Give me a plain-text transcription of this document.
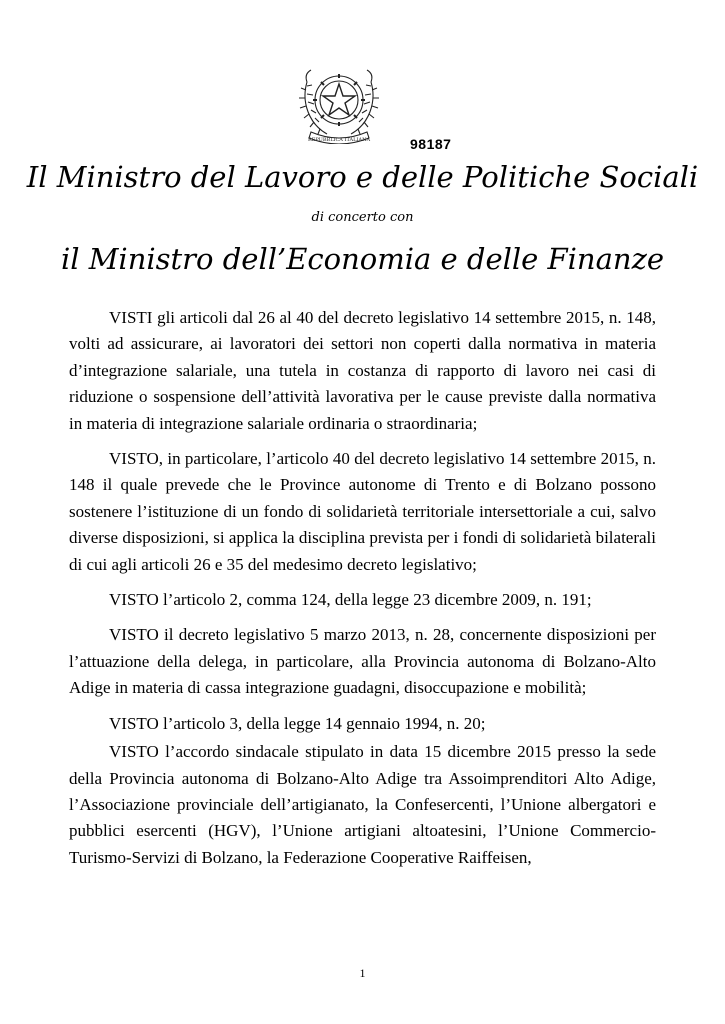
REPUBBLICA ITALIANA	98187
Il Ministro del Lavoro e delle Politiche Sociali
di concerto con
il Ministro dell’Economia e delle Finanze

VISTI gli articoli dal 26 al 40 del decreto legislativo 14 settembre 2015, n. 148, volti ad assicurare, ai lavoratori dei settori non coperti dalla normativa in materia d’integrazione salariale, una tutela in costanza di rapporto di lavoro nei casi di riduzione o sospensione dell’attività lavorativa per le cause previste dalla normativa in materia di integrazione salariale ordinaria o straordinaria;

VISTO, in particolare, l’articolo 40 del decreto legislativo 14 settembre 2015, n. 148 il quale prevede che le Province autonome di Trento e di Bolzano possono sostenere l’istituzione di un fondo di solidarietà territoriale intersettoriale a cui, salvo diverse disposizioni, si applica la disciplina prevista per i fondi di solidarietà bilaterali di cui agli articoli 26 e 35 del medesimo decreto legislativo;

VISTO l’articolo 2, comma 124, della legge 23 dicembre 2009, n. 191;

VISTO il decreto legislativo 5 marzo 2013, n. 28, concernente disposizioni per l’attuazione della delega, in particolare, alla Provincia autonoma di Bolzano-Alto Adige in materia di cassa integrazione guadagni, disoccupazione e mobilità;

VISTO l’articolo 3, della legge 14 gennaio 1994, n. 20;

VISTO l’accordo sindacale stipulato in data 15 dicembre 2015 presso la sede della Provincia autonoma di Bolzano-Alto Adige tra Assoimprenditori Alto Adige, l’Associazione provinciale dell’artigianato, la Confesercenti, l’Unione albergatori e pubblici esercenti (HGV), l’Unione artigiani altoatesini, l’Unione Commercio-Turismo-Servizi di Bolzano, la Federazione Cooperative Raiffeisen,

1
